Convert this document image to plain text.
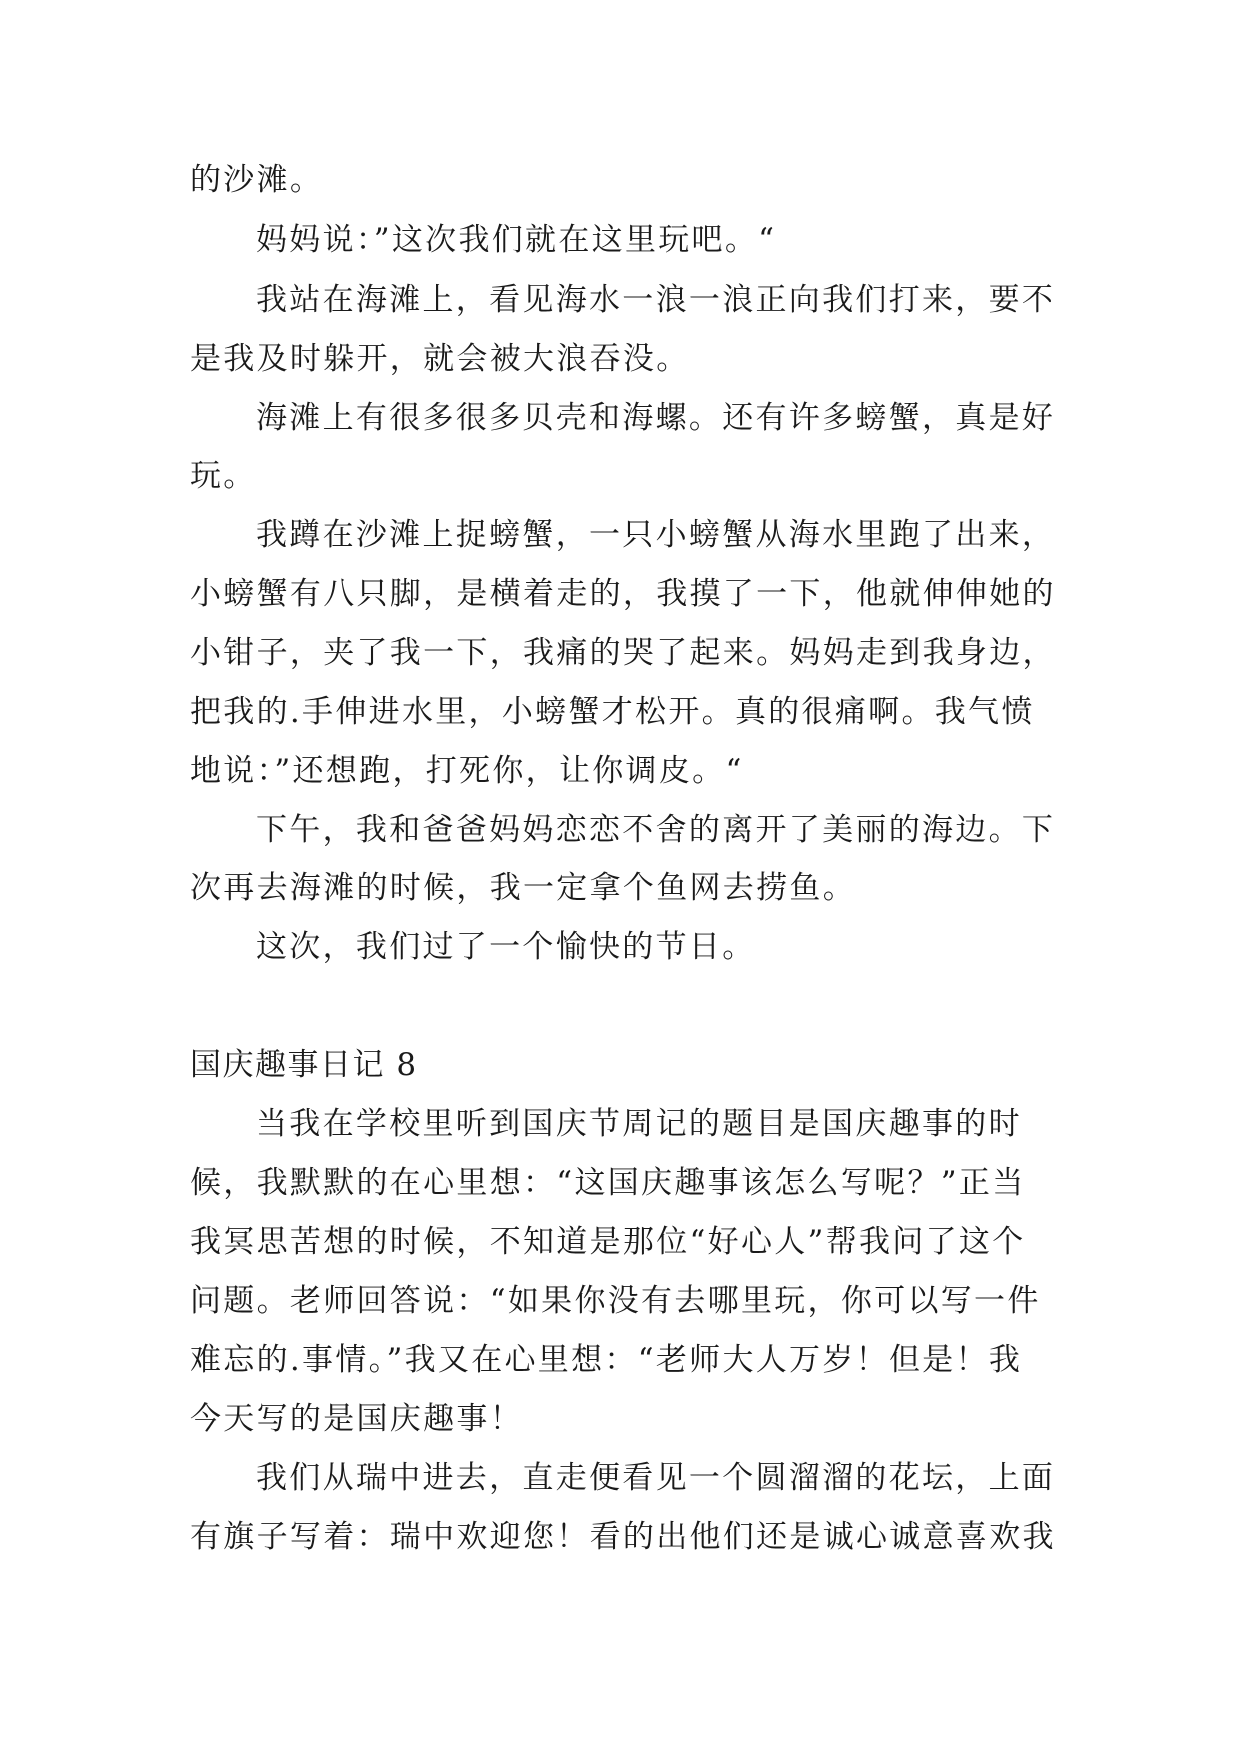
的沙滩。
妈妈说：”这次我们就在这里玩吧。“
我站在海滩上，看见海水一浪一浪正向我们打来，要不
是我及时躲开，就会被大浪吞没。
海滩上有很多很多贝壳和海螺。还有许多螃蟹，真是好
玩。
我蹲在沙滩上捉螃蟹，一只小螃蟹从海水里跑了出来，
小螃蟹有八只脚，是横着走的，我摸了一下，他就伸伸她的
小钳子，夹了我一下，我痛的哭了起来。妈妈走到我身边，
把我的.手伸进水里，小螃蟹才松开。真的很痛啊。我气愤
地说：”还想跑，打死你，让你调皮。“
下午，我和爸爸妈妈恋恋不舍的离开了美丽的海边。下
次再去海滩的时候，我一定拿个鱼网去捞鱼。
这次，我们过了一个愉快的节日。
国庆趣事日记 8
当我在学校里听到国庆节周记的题目是国庆趣事的时
候，我默默的在心里想：“这国庆趣事该怎么写呢？”正当
我冥思苦想的时候，不知道是那位“好心人”帮我问了这个
问题。老师回答说：“如果你没有去哪里玩，你可以写一件
难忘的.事情。”我又在心里想：“老师大人万岁！但是！我
今天写的是国庆趣事！
我们从瑞中进去，直走便看见一个圆溜溜的花坛，上面
有旗子写着：瑞中欢迎您！看的出他们还是诚心诚意喜欢我
